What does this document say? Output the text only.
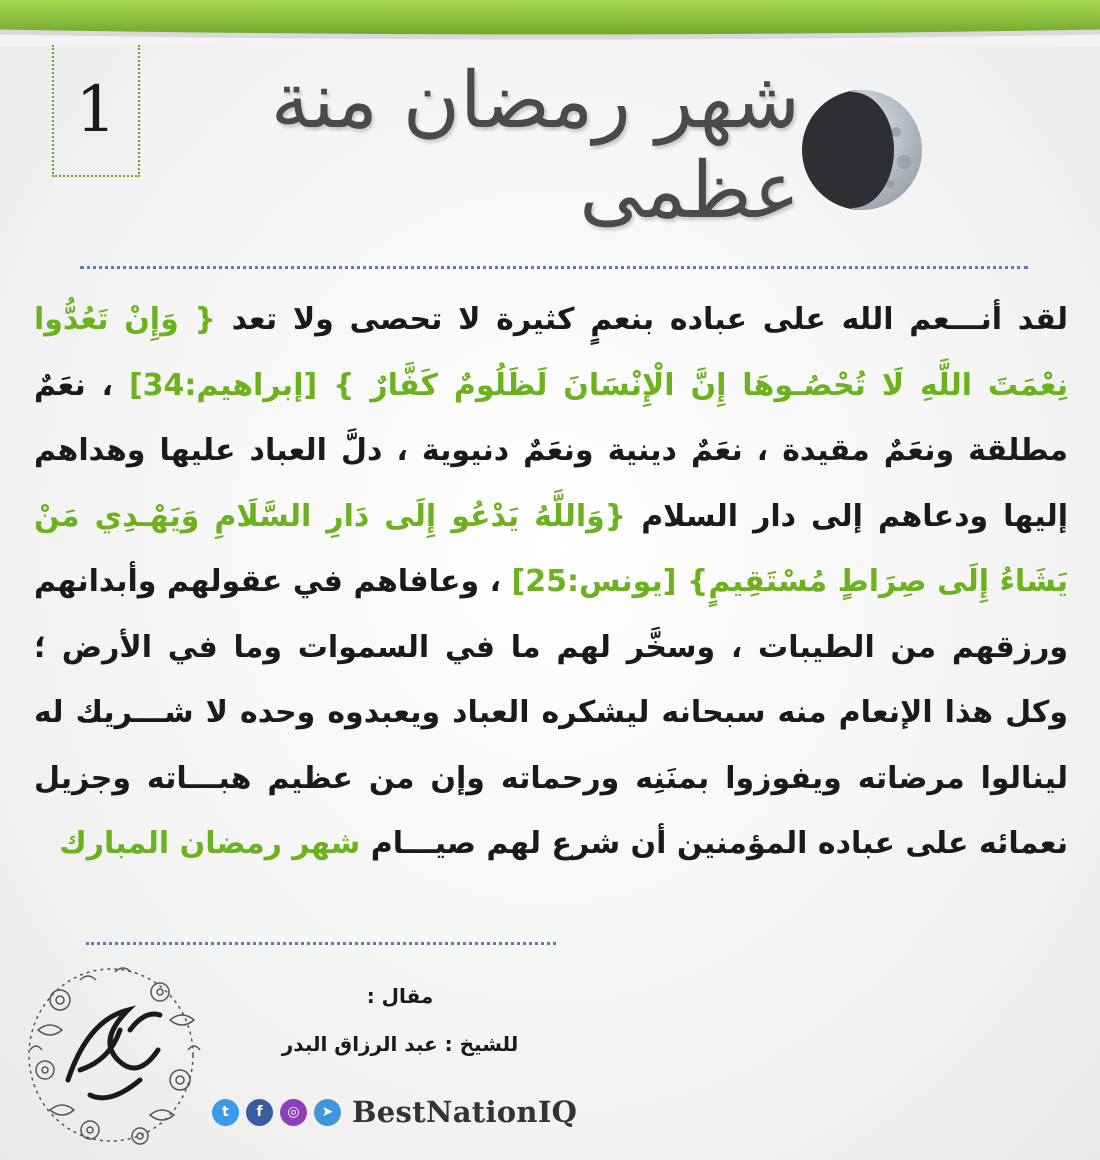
1	شهر رمضان منة عظمى
لقد أنـــعم الله على عباده بنعمٍ كثيرة لا تحصى ولا تعد { وَإِنْ تَعُدُّوا نِعْمَتَ اللَّهِ لَا تُحْصُـوهَا إِنَّ الْإِنْسَانَ لَظَلُومٌ كَفَّارٌ } [إبراهيم:34] ، نعَمٌ مطلقة ونعَمٌ مقيدة ، نعَمٌ دينية ونعَمٌ دنيوية ، دلَّ العباد عليها وهداهم إليها ودعاهم إلى دار السلام {وَاللَّهُ يَدْعُو إِلَى دَارِ السَّلَامِ وَيَهْـدِي مَنْ يَشَاءُ إِلَى صِرَاطٍ مُسْتَقِيمٍ} [يونس:25] ، وعافاهم في عقولهم وأبدانهم ورزقهم من الطيبات ، وسخَّر لهم ما في السموات وما في الأرض ؛ وكل هذا الإنعام منه سبحانه ليشكره العباد ويعبدوه وحده لا شـــريك له لينالوا مرضاته ويفوزوا بمنَنِه ورحماته وإن من عظيم هبـــاته وجزيل نعمائه على عباده المؤمنين أن شرع لهم صيـــام شهر رمضان المبارك
مقال :
للشيخ : عبد الرزاق البدر
t	f	◎	➤ BestNationIQ
